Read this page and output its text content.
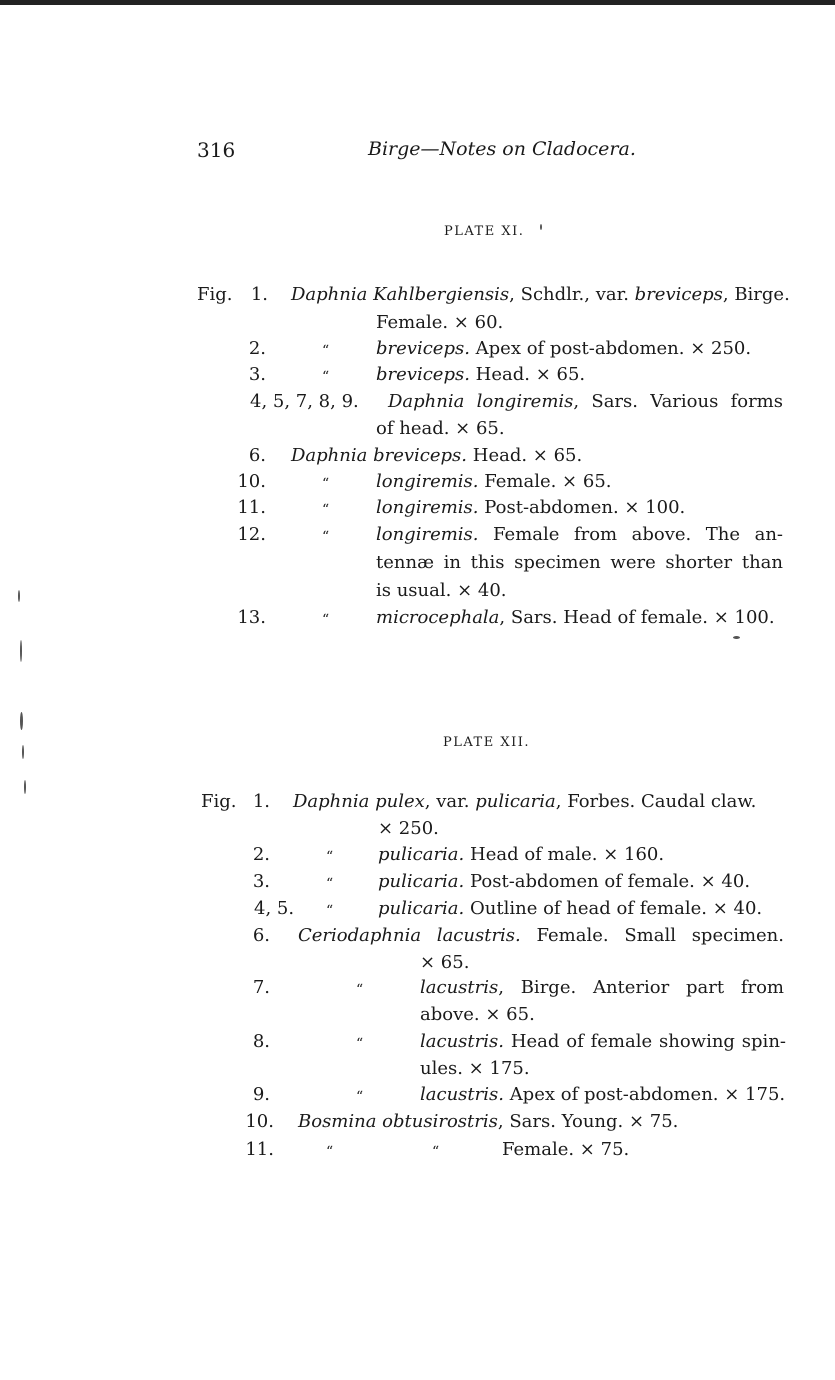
316	Birge—Notes on Cladocera.
PLATE XI.
Fig.	1. Daphnia Kahlbergiensis, Schdlr., var. breviceps, Birge.
Female. × 60.
2.	“	breviceps. Apex of post-abdomen. × 250.
3.	“	breviceps. Head. × 65.
4, 5, 7, 8, 9. Daphnia longiremis, Sars. Various forms
of head. × 65.
6. Daphnia breviceps. Head. × 65.
10.	“	longiremis. Female. × 65.
11.	“	longiremis. Post-abdomen. × 100.
12.	“	longiremis. Female from above. The an-
tennæ in this specimen were shorter than
is usual. × 40.
13.	“	microcephala, Sars. Head of female. × 100.
PLATE XII.
Fig. 1. Daphnia pulex, var. pulicaria, Forbes. Caudal claw.
× 250.
2.	“ pulicaria. Head of male. × 160.
3.	“ pulicaria. Post-abdomen of female. × 40.
4, 5. “ pulicaria. Outline of head of female. × 40.
6. Ceriodaphnia lacustris. Female. Small specimen.
× 65.
7.	“	lacustris, Birge. Anterior part from
above. × 65.
8.	“	lacustris. Head of female showing spin-
ules. × 175.
9.	“	lacustris. Apex of post-abdomen. × 175.
10. Bosmina obtusirostris, Sars. Young. × 75.
11.	“	“	Female. × 75.
